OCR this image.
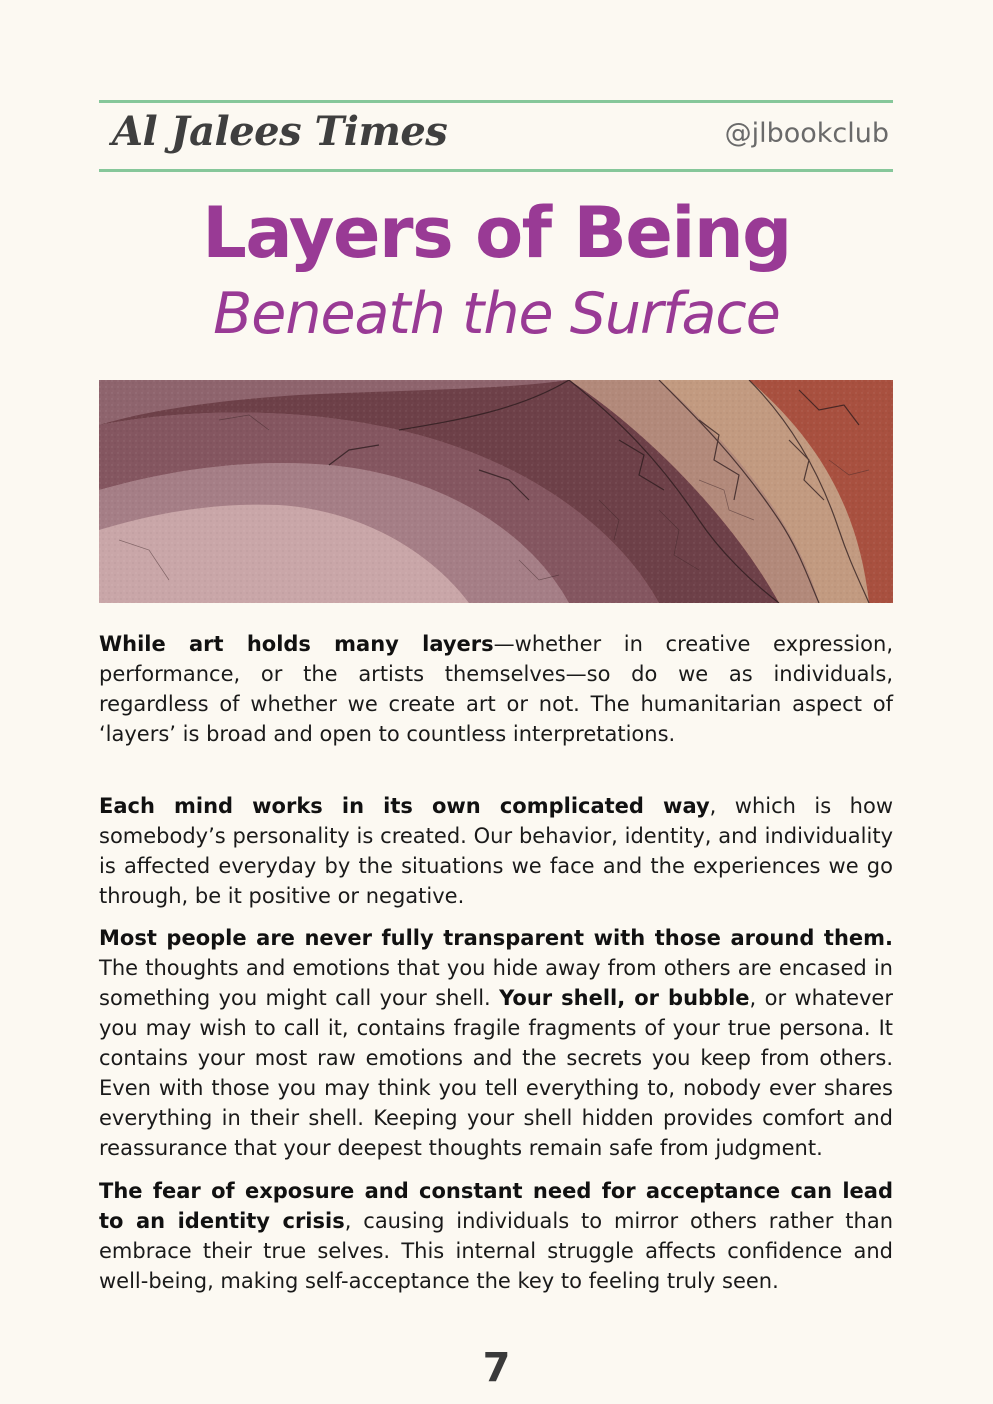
Al Jalees Times	@jlbookclub
Layers of Being
Beneath the Surface

While art holds many layers—whether in creative expression, performance, or the artists themselves—so do we as individuals, regardless of whether we create art or not. The humanitarian aspect of ‘layers’ is broad and open to countless interpretations.

Each mind works in its own complicated way, which is how somebody’s personality is created. Our behavior, identity, and individuality is affected everyday by the situations we face and the experiences we go through, be it positive or negative.

Most people are never fully transparent with those around them. The thoughts and emotions that you hide away from others are encased in something you might call your shell. Your shell, or bubble, or whatever you may wish to call it, contains fragile fragments of your true persona. It contains your most raw emotions and the secrets you keep from others. Even with those you may think you tell everything to, nobody ever shares everything in their shell. Keeping your shell hidden provides comfort and reassurance that your deepest thoughts remain safe from judgment.

The fear of exposure and constant need for acceptance can lead to an identity crisis, causing individuals to mirror others rather than embrace their true selves. This internal struggle affects confidence and well-being, making self-acceptance the key to feeling truly seen.

7
